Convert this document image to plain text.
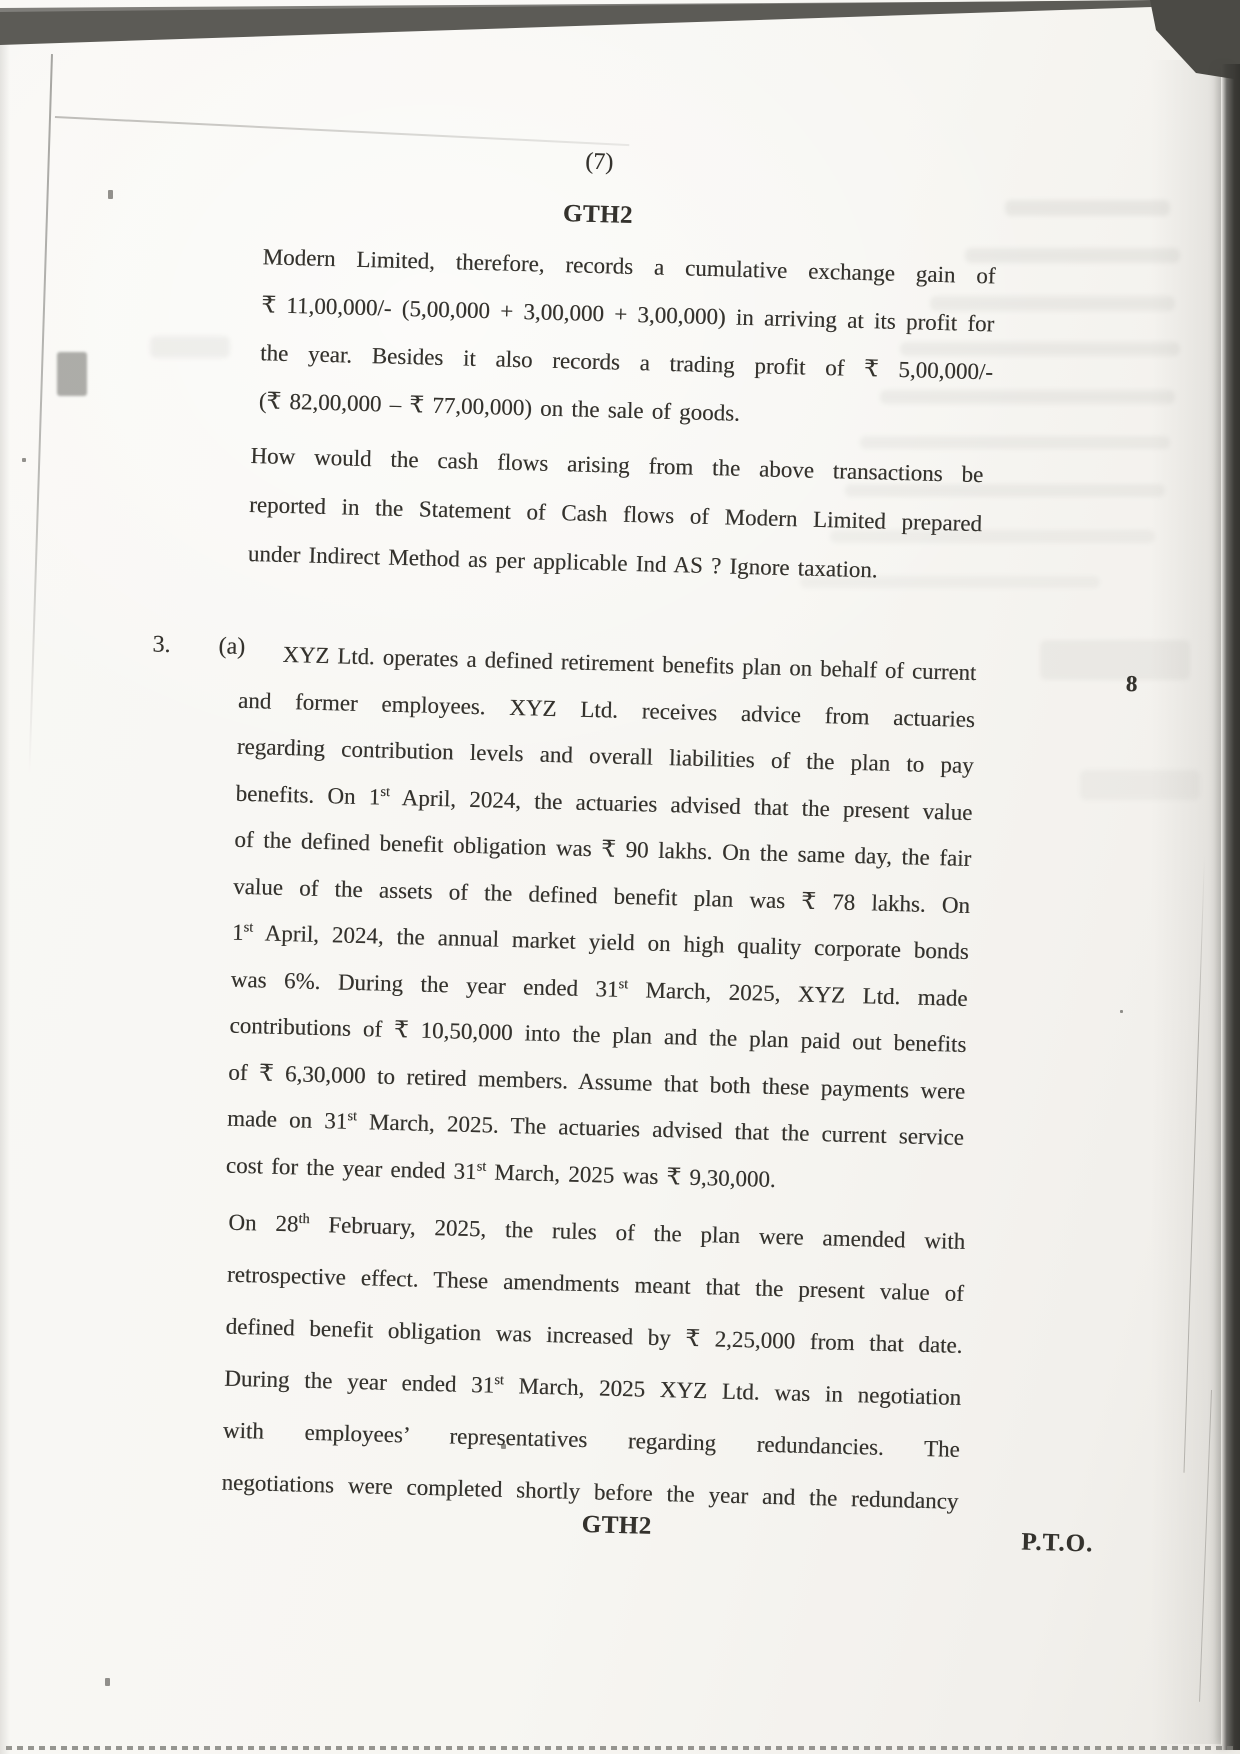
(7)
GTH2
Modern Limited, therefore, records a cumulative exchange gain of
₹ 11,00,000/- (5,00,000 + 3,00,000 + 3,00,000) in arriving at its profit for
the year. Besides it also records a trading profit of ₹ 5,00,000/-
(₹ 82,00,000 – ₹ 77,00,000) on the sale of goods.
How would the cash flows arising from the above transactions be
reported in the Statement of Cash flows of Modern Limited prepared
under Indirect Method as per applicable Ind AS ? Ignore taxation.
3. (a)
8
XYZ Ltd. operates a defined retirement benefits plan on behalf of current
and former employees. XYZ Ltd. receives advice from actuaries
regarding contribution levels and overall liabilities of the plan to pay
benefits. On 1st April, 2024, the actuaries advised that the present value
of the defined benefit obligation was ₹ 90 lakhs. On the same day, the fair
value of the assets of the defined benefit plan was ₹ 78 lakhs. On
1st April, 2024, the annual market yield on high quality corporate bonds
was 6%. During the year ended 31st March, 2025, XYZ Ltd. made
contributions of ₹ 10,50,000 into the plan and the plan paid out benefits
of ₹ 6,30,000 to retired members. Assume that both these payments were
made on 31st March, 2025. The actuaries advised that the current service
cost for the year ended 31st March, 2025 was ₹ 9,30,000.
On 28th February, 2025, the rules of the plan were amended with
retrospective effect. These amendments meant that the present value of
defined benefit obligation was increased by ₹ 2,25,000 from that date.
During the year ended 31st March, 2025 XYZ Ltd. was in negotiation
with employees’ representatives regarding redundancies. The
negotiations were completed shortly before the year and the redundancy
GTH2
P.T.O.
